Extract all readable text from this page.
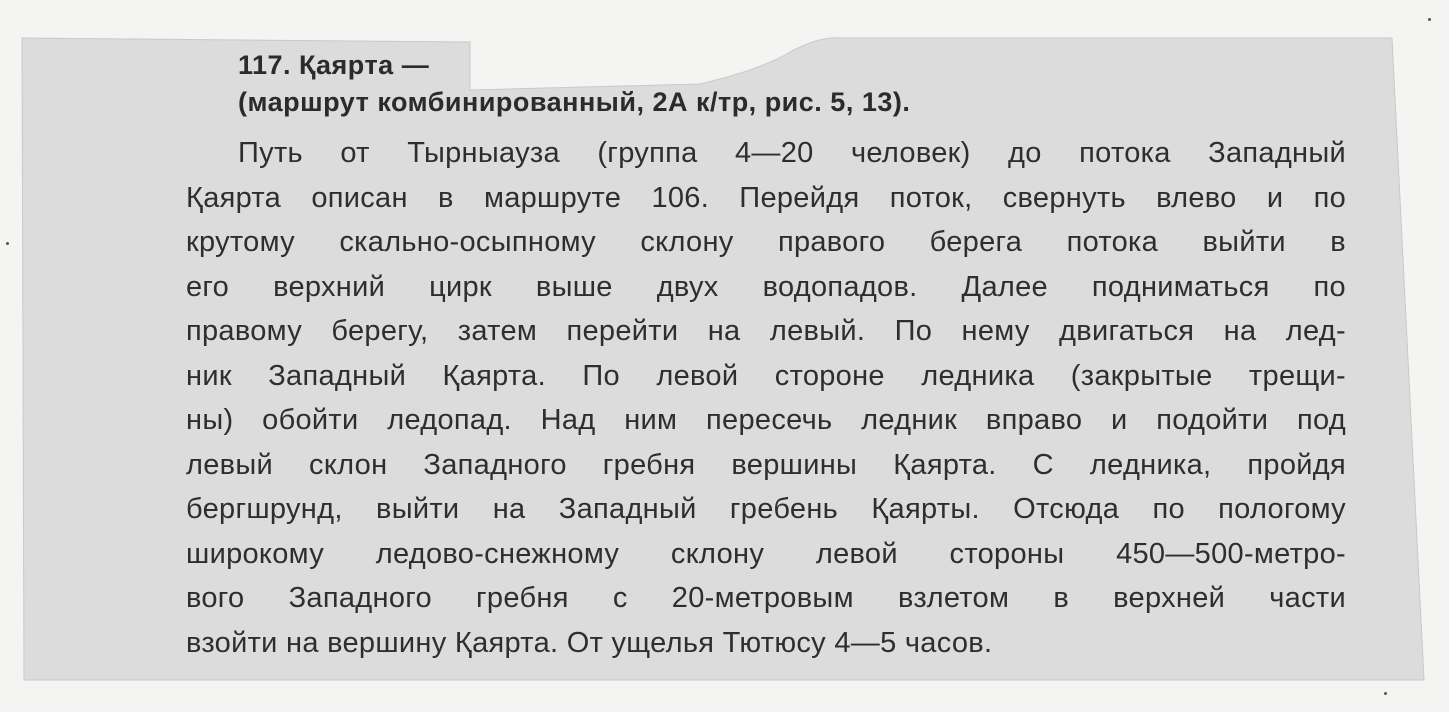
117. Қаярта —
(маршрут комбинированный, 2А к/тр, рис. 5, 13).
Путь от Тырныауза (группа 4—20 человек) до потока Западный
Қаярта описан в маршруте 106. Перейдя поток, свернуть влево и по
крутому скально-осыпному склону правого берега потока выйти в
его верхний цирк выше двух водопадов. Далее подниматься по
правому берегу, затем перейти на левый. По нему двигаться на лед-
ник Западный Қаярта. По левой стороне ледника (закрытые трещи-
ны) обойти ледопад. Над ним пересечь ледник вправо и подойти под
левый склон Западного гребня вершины Қаярта. С ледника, пройдя
бергшрунд, выйти на Западный гребень Қаярты. Отсюда по пологому
широкому ледово-снежному склону левой стороны 450—500-метро-
вого Западного гребня с 20-метровым взлетом в верхней части
взойти на вершину Қаярта. От ущелья Тютюсу 4—5 часов.
